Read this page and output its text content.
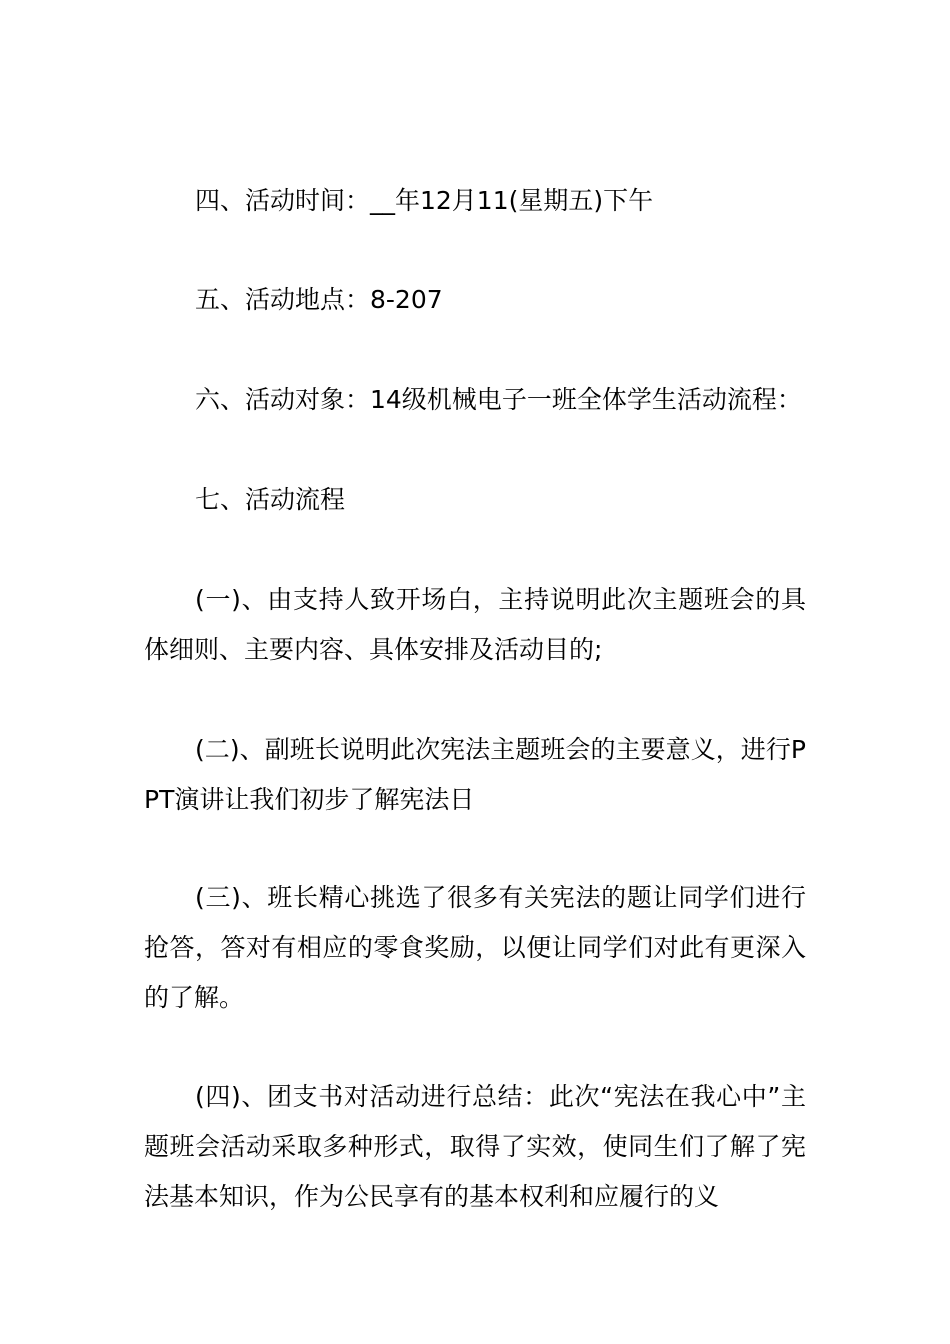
四、活动时间：__年12月11(星期五)下午

五、活动地点：8-207

六、活动对象：14级机械电子一班全体学生活动流程：

七、活动流程

(一)、由支持人致开场白，主持说明此次主题班会的具体细则、主要内容、具体安排及活动目的;

(二)、副班长说明此次宪法主题班会的主要意义，进行PPT演讲让我们初步了解宪法日

(三)、班长精心挑选了很多有关宪法的题让同学们进行抢答，答对有相应的零食奖励，以便让同学们对此有更深入的了解。

(四)、团支书对活动进行总结：此次“宪法在我心中”主题班会活动采取多种形式，取得了实效，使同生们了解了宪法基本知识，作为公民享有的基本权利和应履行的义
